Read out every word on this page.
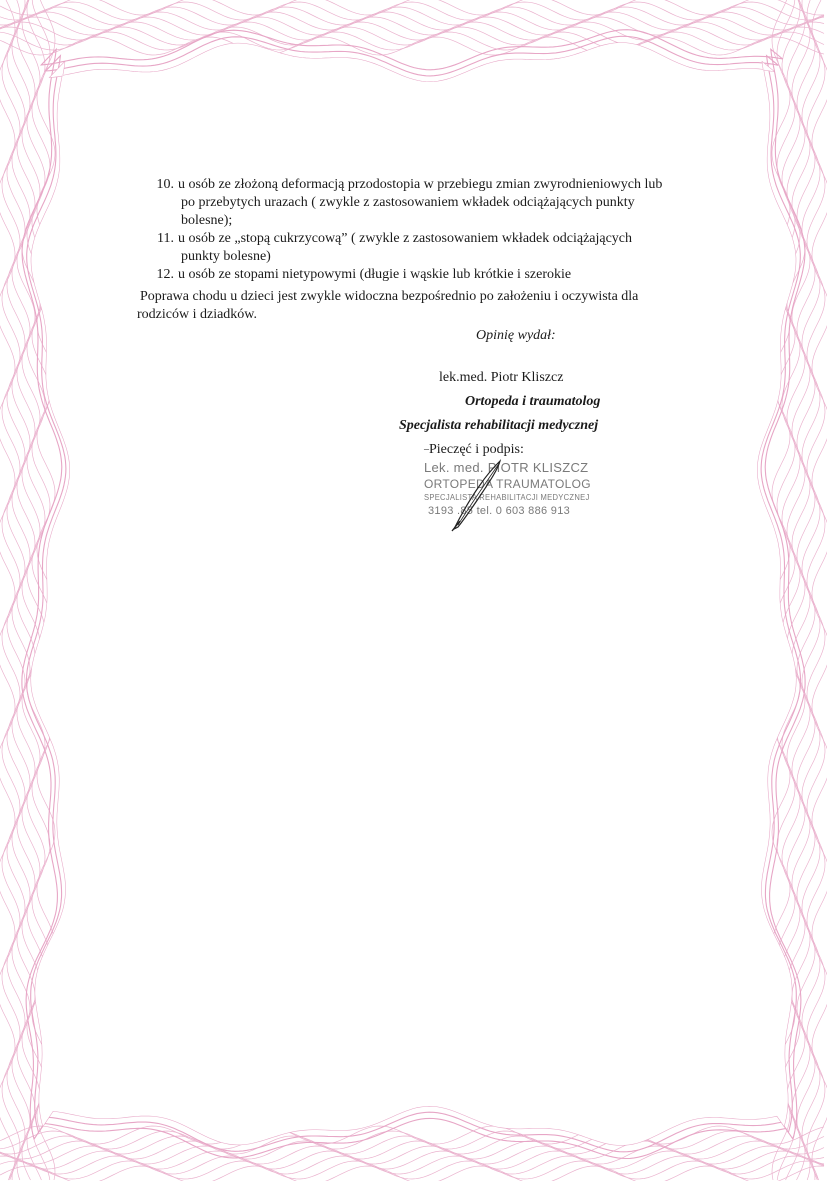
10. u osób ze złożoną deformacją przodostopia w przebiegu zmian zwyrodnieniowych lub
po przebytych urazach ( zwykle z zastosowaniem wkładek odciążających punkty
bolesne);
11. u osób ze „stopą cukrzycową” ( zwykle z zastosowaniem wkładek odciążających
punkty bolesne)
12. u osób ze stopami nietypowymi (długie i wąskie lub krótkie i szerokie
Poprawa chodu u dzieci jest zwykle widoczna bezpośrednio po założeniu i oczywista dla
rodziców i dziadków.
Opinię wydał:
lek.med. Piotr Kliszcz
Ortopeda i traumatolog
Specjalista rehabilitacji medycznej
–Pieczęć i podpis:
Lek. med. PIOTR KLISZCZ
ORTOPEDA TRAUMATOLOG
SPECJALISTA REHABILITACJI MEDYCZNEJ
3193 .85 tel. 0 603 886 913
